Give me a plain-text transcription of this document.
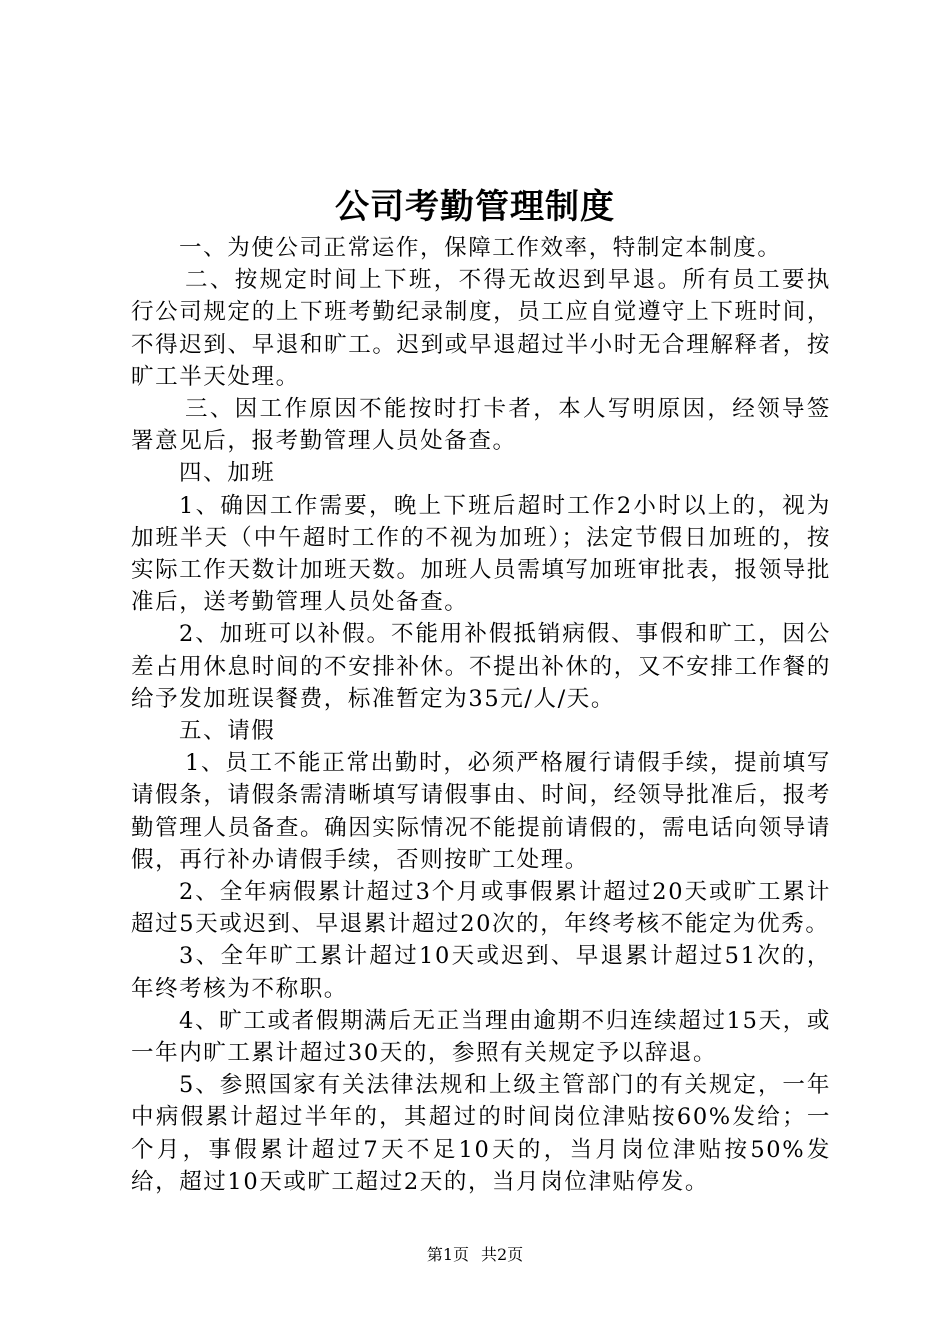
公司考勤管理制度

一、为使公司正常运作，保障工作效率，特制定本制度。

二、按规定时间上下班，不得无故迟到早退。所有员工要执行公司规定的上下班考勤纪录制度，员工应自觉遵守上下班时间，不得迟到、早退和旷工。迟到或早退超过半小时无合理解释者，按旷工半天处理。

三、因工作原因不能按时打卡者，本人写明原因，经领导签署意见后，报考勤管理人员处备查。

四、加班

1、确因工作需要，晚上下班后超时工作2小时以上的，视为加班半天（中午超时工作的不视为加班）；法定节假日加班的，按实际工作天数计加班天数。加班人员需填写加班审批表，报领导批准后，送考勤管理人员处备查。

2、加班可以补假。不能用补假抵销病假、事假和旷工，因公差占用休息时间的不安排补休。不提出补休的，又不安排工作餐的给予发加班误餐费，标准暂定为35元/人/天。

五、请假

1、员工不能正常出勤时，必须严格履行请假手续，提前填写请假条，请假条需清晰填写请假事由、时间，经领导批准后，报考勤管理人员备查。确因实际情况不能提前请假的，需电话向领导请假，再行补办请假手续，否则按旷工处理。

2、全年病假累计超过3个月或事假累计超过20天或旷工累计超过5天或迟到、早退累计超过20次的，年终考核不能定为优秀。

3、全年旷工累计超过10天或迟到、早退累计超过51次的，年终考核为不称职。

4、旷工或者假期满后无正当理由逾期不归连续超过15天，或一年内旷工累计超过30天的，参照有关规定予以辞退。

5、参照国家有关法律法规和上级主管部门的有关规定，一年中病假累计超过半年的，其超过的时间岗位津贴按60%发给；一个月，事假累计超过7天不足10天的，当月岗位津贴按50%发给，超过10天或旷工超过2天的，当月岗位津贴停发。

第1页 共2页
